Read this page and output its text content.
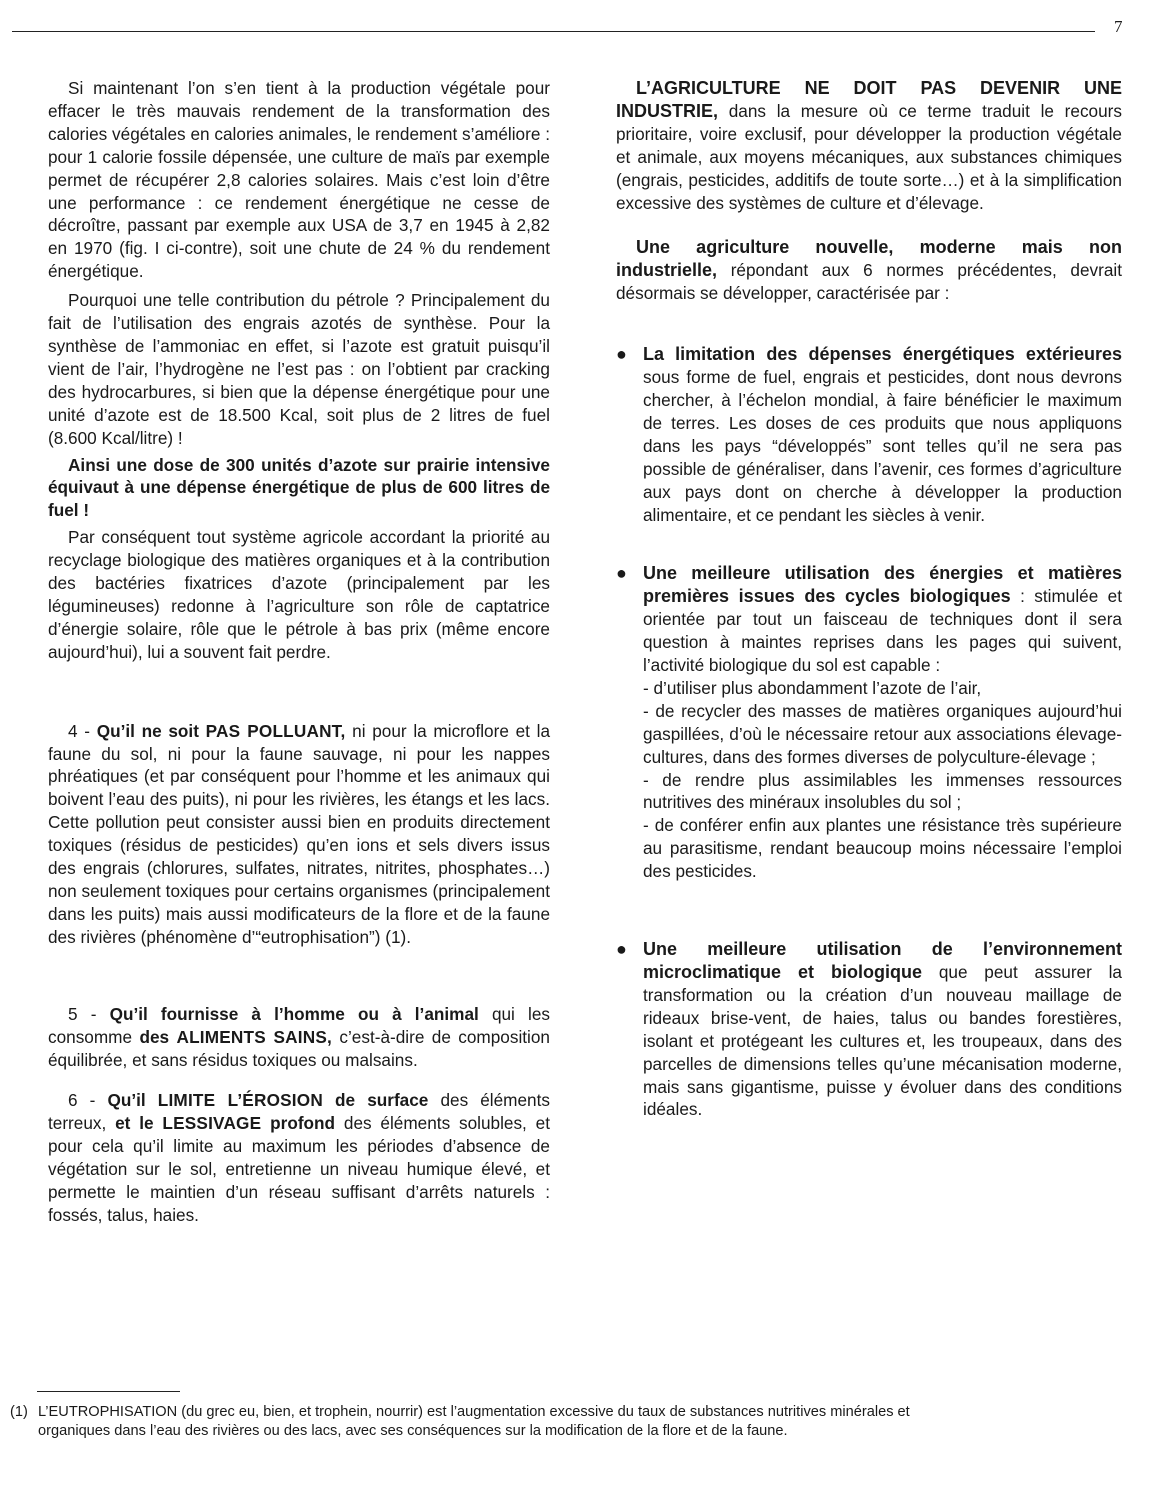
7

Si maintenant l’on s’en tient à la production végétale pour effacer le très mauvais rendement de la transformation des calories végétales en calories animales, le rendement s’améliore : pour 1 calorie fossile dépensée, une culture de maïs par exemple permet de récupérer 2,8 calories solaires. Mais c’est loin d’être une performance : ce rendement énergétique ne cesse de décroître, passant par exemple aux USA de 3,7 en 1945 à 2,82 en 1970 (fig. I ci-contre), soit une chute de 24 % du rendement énergétique.

Pourquoi une telle contribution du pétrole ? Principalement du fait de l’utilisation des engrais azotés de synthèse. Pour la synthèse de l’ammoniac en effet, si l’azote est gratuit puisqu’il vient de l’air, l’hydrogène ne l’est pas : on l’obtient par cracking des hydrocarbures, si bien que la dépense énergétique pour une unité d’azote est de 18.500 Kcal, soit plus de 2 litres de fuel (8.600 Kcal/litre) !

Ainsi une dose de 300 unités d’azote sur prairie intensive équivaut à une dépense énergétique de plus de 600 litres de fuel !

Par conséquent tout système agricole accordant la priorité au recyclage biologique des matières organiques et à la contribution des bactéries fixatrices d’azote (principalement par les légumineuses) redonne à l’agriculture son rôle de captatrice d’énergie solaire, rôle que le pétrole à bas prix (même encore aujourd’hui), lui a souvent fait perdre.

4 - Qu’il ne soit PAS POLLUANT, ni pour la microflore et la faune du sol, ni pour la faune sauvage, ni pour les nappes phréatiques (et par conséquent pour l’homme et les animaux qui boivent l’eau des puits), ni pour les rivières, les étangs et les lacs. Cette pollution peut consister aussi bien en produits directement toxiques (résidus de pesticides) qu’en ions et sels divers issus des engrais (chlorures, sulfates, nitrates, nitrites, phosphates…) non seulement toxiques pour certains organismes (principalement dans les puits) mais aussi modificateurs de la flore et de la faune des rivières (phénomène d’“eutrophisation”) (1).

5 - Qu’il fournisse à l’homme ou à l’animal qui les consomme des ALIMENTS SAINS, c’est-à-dire de composition équilibrée, et sans résidus toxiques ou malsains.

6 - Qu’il LIMITE L’ÉROSION de surface des éléments terreux, et le LESSIVAGE profond des éléments solubles, et pour cela qu’il limite au maximum les périodes d’absence de végétation sur le sol, entretienne un niveau humique élevé, et permette le maintien d’un réseau suffisant d’arrêts naturels : fossés, talus, haies.

L’AGRICULTURE NE DOIT PAS DEVENIR UNE INDUSTRIE, dans la mesure où ce terme traduit le recours prioritaire, voire exclusif, pour développer la production végétale et animale, aux moyens mécaniques, aux substances chimiques (engrais, pesticides, additifs de toute sorte…) et à la simplification excessive des systèmes de culture et d’élevage.

Une agriculture nouvelle, moderne mais non industrielle, répondant aux 6 normes précédentes, devrait désormais se développer, caractérisée par :

● La limitation des dépenses énergétiques extérieures sous forme de fuel, engrais et pesticides, dont nous devrons chercher, à l’échelon mondial, à faire bénéficier le maximum de terres. Les doses de ces produits que nous appliquons dans les pays “développés” sont telles qu’il ne sera pas possible de généraliser, dans l’avenir, ces formes d’agriculture aux pays dont on cherche à développer la production alimentaire, et ce pendant les siècles à venir.

● Une meilleure utilisation des énergies et matières premières issues des cycles biologiques : stimulée et orientée par tout un faisceau de techniques dont il sera question à maintes reprises dans les pages qui suivent, l’activité biologique du sol est capable :

- d’utiliser plus abondamment l’azote de l’air,

- de recycler des masses de matières organiques aujourd’hui gaspillées, d’où le nécessaire retour aux associations élevage-cultures, dans des formes diverses de polyculture-élevage ;

- de rendre plus assimilables les immenses ressources nutritives des minéraux insolubles du sol ;

- de conférer enfin aux plantes une résistance très supérieure au parasitisme, rendant beaucoup moins nécessaire l’emploi des pesticides.

● Une meilleure utilisation de l’environnement microclimatique et biologique que peut assurer la transformation ou la création d’un nouveau maillage de rideaux brise-vent, de haies, talus ou bandes forestières, isolant et protégeant les cultures et, les troupeaux, dans des parcelles de dimensions telles qu’une mécanisation moderne, mais sans gigantisme, puisse y évoluer dans des conditions idéales.

(1) L’EUTROPHISATION (du grec eu, bien, et trophein, nourrir) est l’augmentation excessive du taux de substances nutritives minérales et
organiques dans l’eau des rivières ou des lacs, avec ses conséquences sur la modification de la flore et de la faune.
